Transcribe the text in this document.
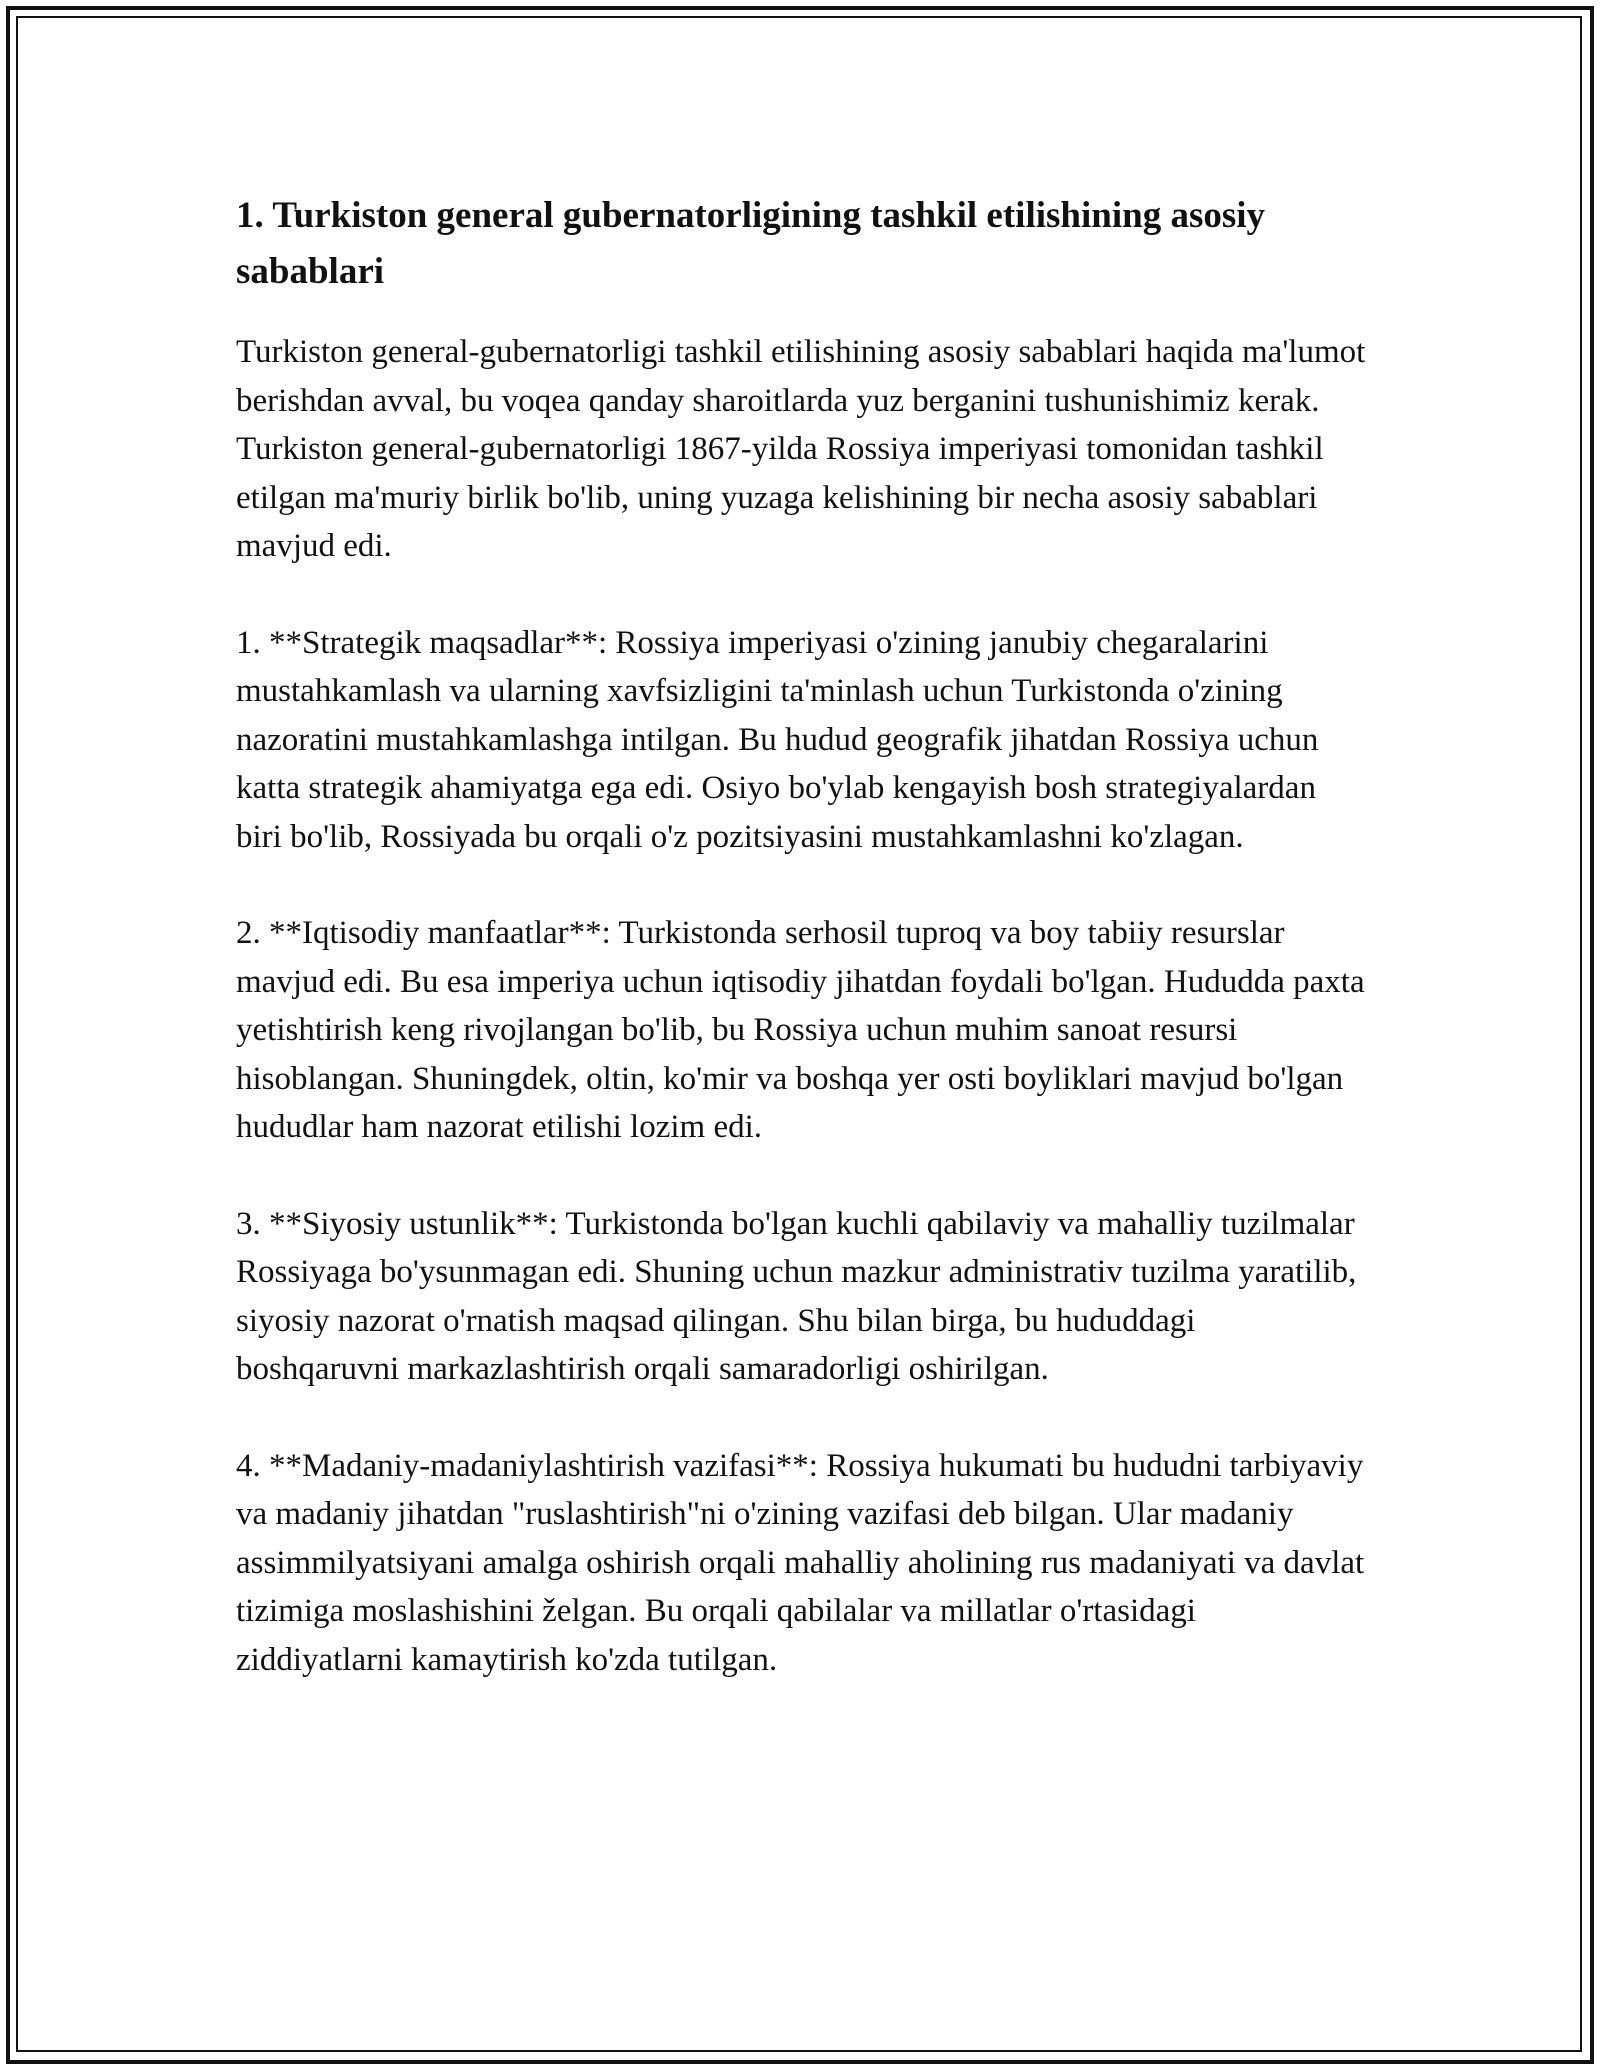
1. Turkiston general gubernatorligining tashkil etilishining asosiy sabablari

Turkiston general-gubernatorligi tashkil etilishining asosiy sabablari haqida ma'lumot berishdan avval, bu voqea qanday sharoitlarda yuz berganini tushunishimiz kerak. Turkiston general-gubernatorligi 1867-yilda Rossiya imperiyasi tomonidan tashkil etilgan ma'muriy birlik bo'lib, uning yuzaga kelishining bir necha asosiy sabablari mavjud edi.

1. **Strategik maqsadlar**: Rossiya imperiyasi o'zining janubiy chegaralarini mustahkamlash va ularning xavfsizligini ta'minlash uchun Turkistonda o'zining nazoratini mustahkamlashga intilgan. Bu hudud geografik jihatdan Rossiya uchun katta strategik ahamiyatga ega edi. Osiyo bo'ylab kengayish bosh strategiyalardan biri bo'lib, Rossiyada bu orqali o'z pozitsiyasini mustahkamlashni ko'zlagan.

2. **Iqtisodiy manfaatlar**: Turkistonda serhosil tuproq va boy tabiiy resurslar mavjud edi. Bu esa imperiya uchun iqtisodiy jihatdan foydali bo'lgan. Hududda paxta yetishtirish keng rivojlangan bo'lib, bu Rossiya uchun muhim sanoat resursi hisoblangan. Shuningdek, oltin, ko'mir va boshqa yer osti boyliklari mavjud bo'lgan hududlar ham nazorat etilishi lozim edi.

3. **Siyosiy ustunlik**: Turkistonda bo'lgan kuchli qabilaviy va mahalliy tuzilmalar Rossiyaga bo'ysunmagan edi. Shuning uchun mazkur administrativ tuzilma yaratilib, siyosiy nazorat o'rnatish maqsad qilingan. Shu bilan birga, bu hududdagi boshqaruvni markazlashtirish orqali samaradorligi oshirilgan.

4. **Madaniy-madaniylashtirish vazifasi**: Rossiya hukumati bu hududni tarbiyaviy va madaniy jihatdan "ruslashtirish"ni o'zining vazifasi deb bilgan. Ular madaniy assimmilyatsiyani amalga oshirish orqali mahalliy aholining rus madaniyati va davlat tizimiga moslashishini želgan. Bu orqali qabilalar va millatlar o'rtasidagi ziddiyatlarni kamaytirish ko'zda tutilgan.
